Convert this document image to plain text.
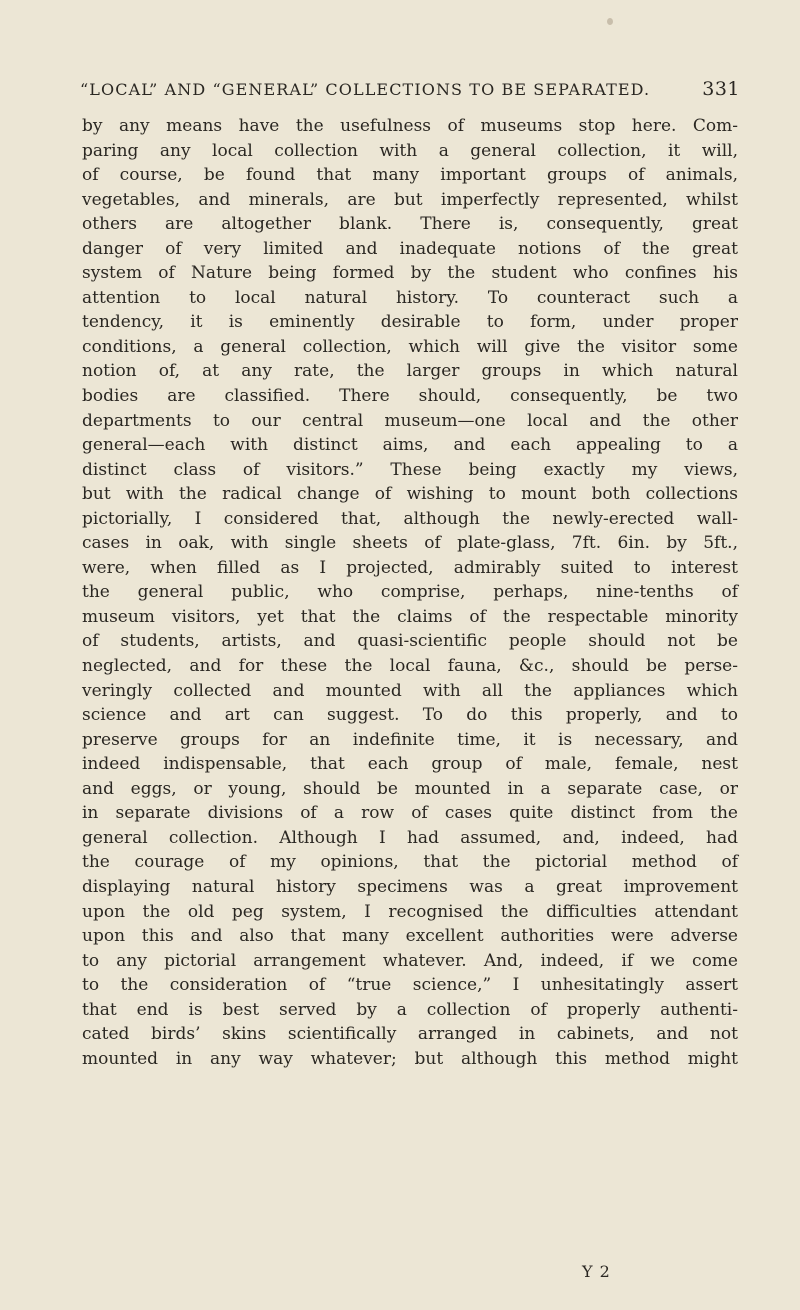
“LOCAL” AND “GENERAL” COLLECTIONS TO BE SEPARATED.	331
by any means have the usefulness of museums stop here. Com-
paring any local collection with a general collection, it will,
of course, be found that many important groups of animals,
vegetables, and minerals, are but imperfectly represented, whilst
others are altogether blank. There is, consequently, great
danger of very limited and inadequate notions of the great
system of Nature being formed by the student who confines his
attention to local natural history. To counteract such a
tendency, it is eminently desirable to form, under proper
conditions, a general collection, which will give the visitor some
notion of, at any rate, the larger groups in which natural
bodies are classified. There should, consequently, be two
departments to our central museum—one local and the other
general—each with distinct aims, and each appealing to a
distinct class of visitors.” These being exactly my views,
but with the radical change of wishing to mount both collections
pictorially, I considered that, although the newly-erected wall-
cases in oak, with single sheets of plate-glass, 7ft. 6in. by 5ft.,
were, when filled as I projected, admirably suited to interest
the general public, who comprise, perhaps, nine-tenths of
museum visitors, yet that the claims of the respectable minority
of students, artists, and quasi-scientific people should not be
neglected, and for these the local fauna, &c., should be perse-
veringly collected and mounted with all the appliances which
science and art can suggest. To do this properly, and to
preserve groups for an indefinite time, it is necessary, and
indeed indispensable, that each group of male, female, nest
and eggs, or young, should be mounted in a separate case, or
in separate divisions of a row of cases quite distinct from the
general collection. Although I had assumed, and, indeed, had
the courage of my opinions, that the pictorial method of
displaying natural history specimens was a great improvement
upon the old peg system, I recognised the difficulties attendant
upon this and also that many excellent authorities were adverse
to any pictorial arrangement whatever. And, indeed, if we come
to the consideration of “true science,” I unhesitatingly assert
that end is best served by a collection of properly authenti-
cated birds’ skins scientifically arranged in cabinets, and not
mounted in any way whatever; but although this method might
Y 2
